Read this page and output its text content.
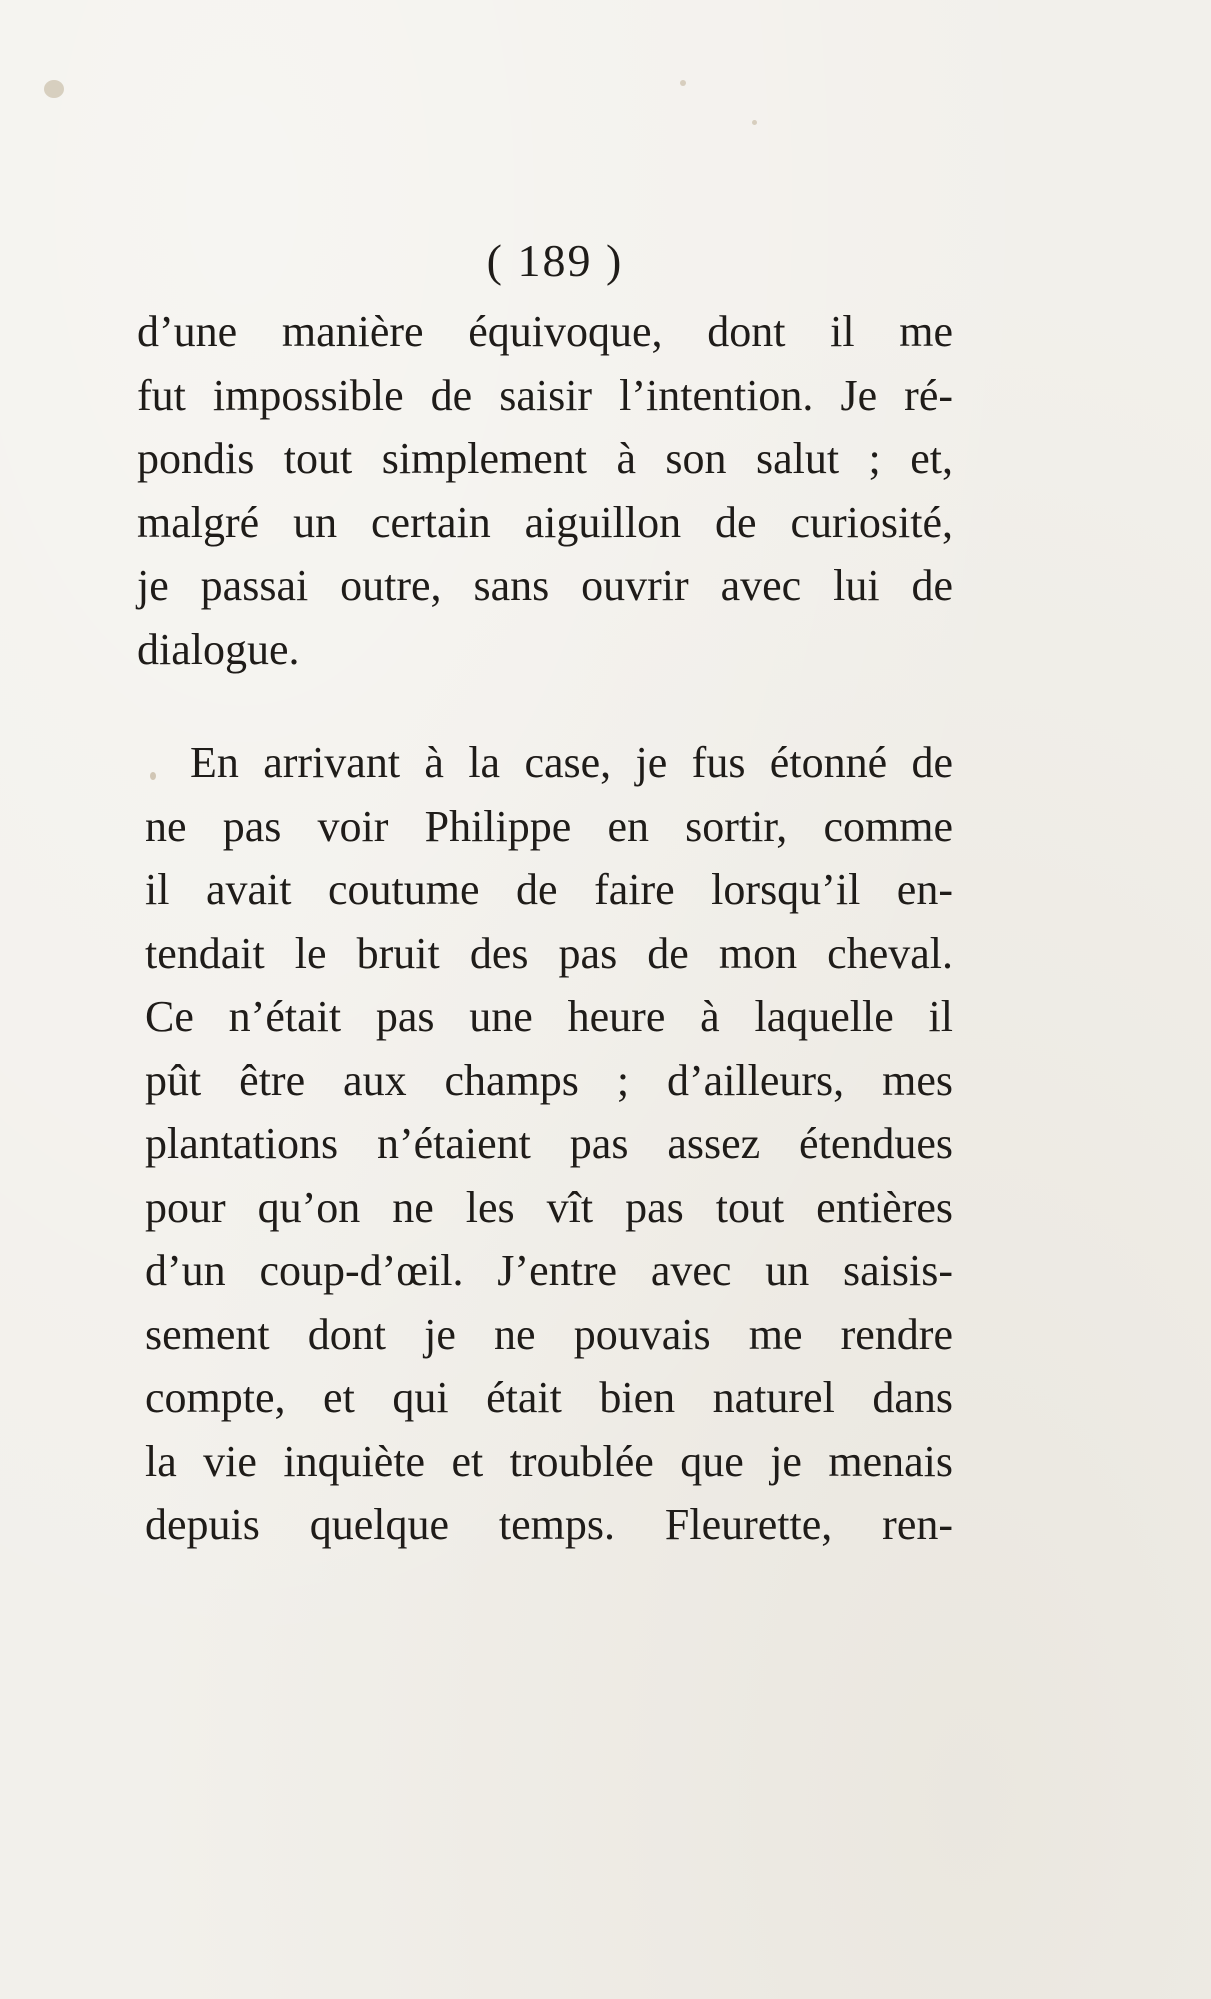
( 189 )
d’une manière équivoque, dont il me
fut impossible de saisir l’intention. Je ré-
pondis tout simplement à son salut ; et,
malgré un certain aiguillon de curiosité,
je passai outre, sans ouvrir avec lui de
dialogue.
En arrivant à la case, je fus étonné de
ne pas voir Philippe en sortir, comme
il avait coutume de faire lorsqu’il en-
tendait le bruit des pas de mon cheval.
Ce n’était pas une heure à laquelle il
pût être aux champs ; d’ailleurs, mes
plantations n’étaient pas assez étendues
pour qu’on ne les vît pas tout entières
d’un coup-d’œil. J’entre avec un saisis-
sement dont je ne pouvais me rendre
compte, et qui était bien naturel dans
la vie inquiète et troublée que je menais
depuis quelque temps. Fleurette, ren-
